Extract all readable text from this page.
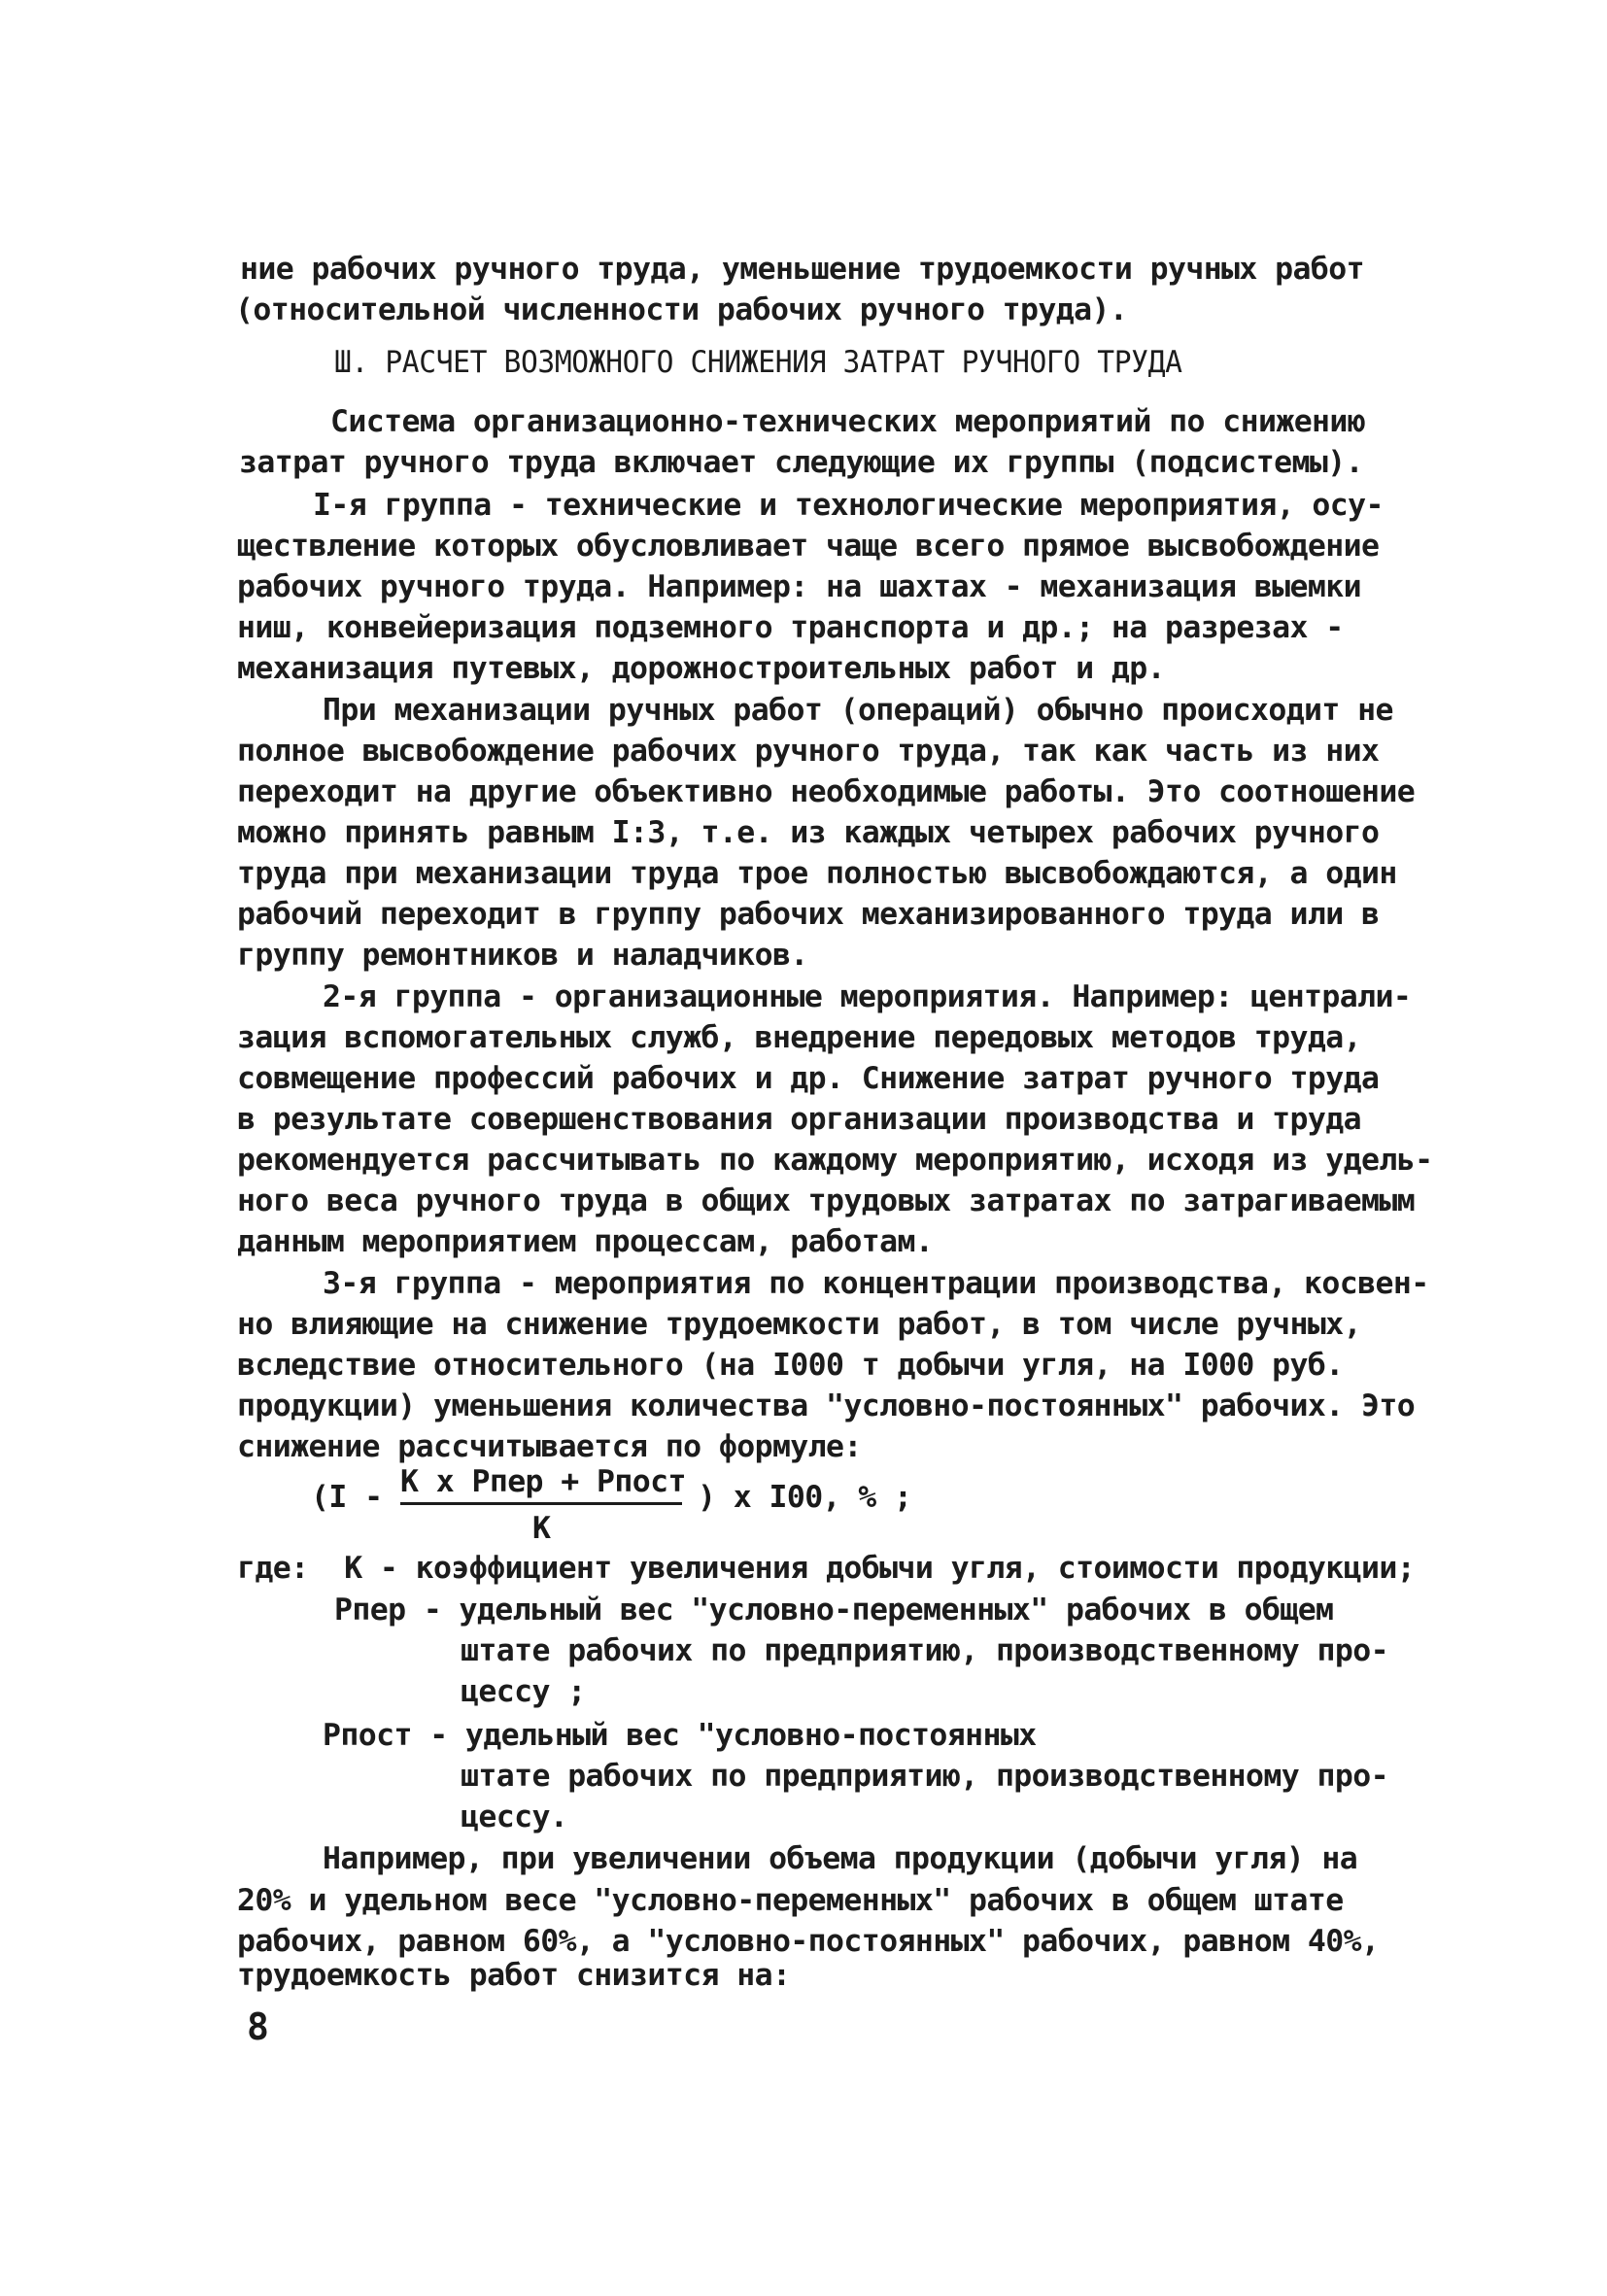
ние рабочих ручного труда, уменьшение трудоемкости ручных работ
(относительной численности рабочих ручного труда).
Ш. РАСЧЕТ ВОЗМОЖНОГО СНИЖЕНИЯ ЗАТРАТ РУЧНОГО ТРУДА
Система организационно-технических мероприятий по снижению
затрат ручного труда включает следующие их группы (подсистемы).
I-я группа - технические и технологические мероприятия, осу-
ществление которых обусловливает чаще всего прямое высвобождение
рабочих ручного труда. Например: на шахтах - механизация выемки
ниш, конвейеризация подземного транспорта и др.; на разрезах -
механизация путевых, дорожностроительных работ и др.
При механизации ручных работ (операций) обычно происходит не
полное высвобождение рабочих ручного труда, так как часть из них
переходит на другие объективно необходимые работы. Это соотношение
можно принять равным I:3, т.е. из каждых четырех рабочих ручного
труда при механизации труда трое полностью высвобождаются, а один
рабочий переходит в группу рабочих механизированного труда или в
группу ремонтников и наладчиков.
2-я группа - организационные мероприятия. Например: централи-
зация вспомогательных служб, внедрение передовых методов труда,
совмещение профессий рабочих и др. Снижение затрат ручного труда
в результате совершенствования организации производства и труда
рекомендуется рассчитывать по каждому мероприятию, исходя из удель-
ного веса ручного труда в общих трудовых затратах по затрагиваемым
данным мероприятием процессам, работам.
3-я группа - мероприятия по концентрации производства, косвен-
но влияющие на снижение трудоемкости работ, в том числе ручных,
вследствие относительного (на I000 т добычи угля, на I000 руб.
продукции) уменьшения количества "условно-постоянных" рабочих. Это
снижение рассчитывается по формуле:
(I - К х Рпер + Рпост
К
) х I00, % ;
где:  К - коэффициент увеличения добычи угля, стоимости продукции;
Рпер - удельный вес "условно-переменных" рабочих в общем
штате рабочих по предприятию, производственному про-
цессу ;
Рпост - удельный вес "условно-постоянных
штате рабочих по предприятию, производственному про-
цессу.
Например, при увеличении объема продукции (добычи угля) на
20% и удельном весе "условно-переменных" рабочих в общем штате
рабочих, равном 60%, а "условно-постоянных" рабочих, равном 40%,
трудоемкость работ снизится на:
8
